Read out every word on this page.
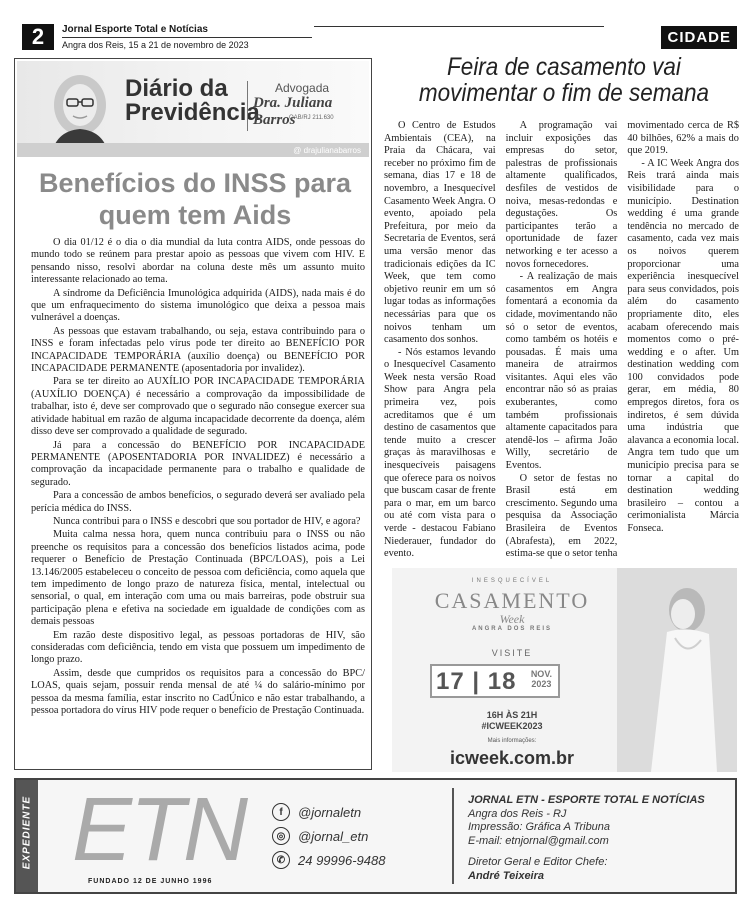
2	Jornal Esporte Total e Notícias
Angra dos Reis, 15 a 21 de novembro de 2023	CIDADE
Diário da
Previdência
Advogada
Dra. Juliana Barros
OAB/RJ 211.630
@ drajulianabarros
Benefícios do INSS para quem tem Aids

O dia 01/12 é o dia o dia mundial da luta contra AIDS, onde pessoas do mundo todo se reúnem para prestar apoio as pessoas que vivem com HIV. E pensando nisso, resolvi abordar na coluna deste mês um assunto muito interessante relacionado ao tema.

A síndrome da Deficiência Imunológica adquirida (AIDS), nada mais é do que um enfraquecimento do sistema imunológico que deixa a pessoa mais vulnerável a doenças.

As pessoas que estavam trabalhando, ou seja, estava contribuindo para o INSS e foram infectadas pelo vírus pode ter direito ao BENEFÍCIO POR INCAPACIDADE TEMPORÁRIA (auxílio doença) ou BENEFÍCIO POR INCAPACIDADE PERMANENTE (aposentadoria por invalidez).

Para se ter direito ao AUXÍLIO POR INCAPACIDADE TEMPORÁRIA (AUXÍLIO DOENÇA) é necessário a comprovação da impossibilidade de trabalhar, isto é, deve ser comprovado que o segurado não consegue exercer sua atividade habitual em razão de alguma incapacidade decorrente da doença, além disso deve ser comprovado a qualidade de segurado.

Já para a concessão do BENEFÍCIO POR INCAPACIDADE PERMANENTE (APOSENTADORIA POR INVALIDEZ) é necessário a comprovação da incapacidade permanente para o trabalho e qualidade de segurado.

Para a concessão de ambos benefícios, o segurado deverá ser avaliado pela perícia médica do INSS.

Nunca contribui para o INSS e descobri que sou portador de HIV, e agora?

Muita calma nessa hora, quem nunca contribuiu para o INSS ou não preenche os requisitos para a concessão dos benefícios listados acima, pode requerer o Benefício de Prestação Continuada (BPC/LOAS), pois a Lei 13.146/2005 estabeleceu o conceito de pessoa com deficiência, como aquela que tem impedimento de longo prazo de natureza física, mental, intelectual ou sensorial, o qual, em interação com uma ou mais barreiras, pode obstruir sua participação plena e efetiva na sociedade em igualdade de condições com as demais pessoas

Em razão deste dispositivo legal, as pessoas portadoras de HIV, são consideradas com deficiência, tendo em vista que possuem um impedimento de longo prazo.

Assim, desde que cumpridos os requisitos para a concessão do BPC/ LOAS, quais sejam, possuir renda mensal de até ¼ do salário-mínimo por pessoa da mesma família, estar inscrito no CadÚnico e não estar trabalhando, a pessoa portadora do vírus HIV pode requer o benefício de Prestação Continuada.

Feira de casamento vai movimentar o fim de semana

O Centro de Estudos Ambientais (CEA), na Praia da Chácara, vai receber no próximo fim de semana, dias 17 e 18 de novembro, a Inesquecível Casamento Week Angra. O evento, apoiado pela Prefeitura, por meio da Secretaria de Eventos, será uma versão menor das tradicionais edições da IC Week, que tem como objetivo reunir em um só lugar todas as informações necessárias para que os noivos tenham um casamento dos sonhos.

- Nós estamos levando o Inesquecível Casamento Week nesta versão Road Show para Angra pela primeira vez, pois acreditamos que é um destino de casamentos que tende muito a crescer graças às maravilhosas e inesquecíveis paisagens que oferece para os noivos que buscam casar de frente para o mar, em um barco ou até com vista para o verde - destacou Fabiano Niederauer, fundador do evento.

A programação vai incluir exposições das empresas do setor, palestras de profissionais altamente qualificados, desfiles de vestidos de noiva, mesas-redondas e degustações. Os participantes terão a oportunidade de fazer networking e ter acesso a novos fornecedores.

- A realização de mais casamentos em Angra fomentará a economia da cidade, movimentando não só o setor de eventos, como também os hotéis e pousadas. É mais uma maneira de atrairmos visitantes. Aqui eles vão encontrar não só as praias exuberantes, como também profissionais altamente capacitados para atendê-los – afirma João Willy, secretário de Eventos.

O setor de festas no Brasil está em crescimento. Segundo uma pesquisa da Associação Brasileira de Eventos (Abrafesta), em 2022, estima-se que o setor tenha movimentado cerca de R$ 40 bilhões, 62% a mais do que 2019.

- A IC Week Angra dos Reis trará ainda mais visibilidade para o município. Destination wedding é uma grande tendência no mercado de casamento, cada vez mais os noivos querem proporcionar uma experiência inesquecível para seus convidados, pois além do casamento propriamente dito, eles acabam oferecendo mais momentos como o pré-wedding e o after. Um destination wedding com 100 convidados pode gerar, em média, 80 empregos diretos, fora os indiretos, é sem dúvida uma indústria que alavanca a economia local. Angra tem tudo que um município precisa para se tornar a capital do destination wedding brasileiro – contou a cerimonialista Márcia Fonseca.

INESQUECÍVEL
CASAMENTO
Week
ANGRA DOS REIS
VISITE
17 | 18 NOV.
2023
16H ÀS 21H
#ICWEEK2023
Mais informações:
icweek.com.br
EXPEDIENTE ETN
FUNDADO 12 DE JUNHO 1996
f	@jornaletn
◎ @jornal_etn
✆ 24 99996-9488
JORNAL ETN - ESPORTE TOTAL E NOTÍCIAS
Angra dos Reis - RJ
Impressão: Gráfica A Tribuna
E-mail: etnjornal@gmail.com
Diretor Geral e Editor Chefe:
André Teixeira
